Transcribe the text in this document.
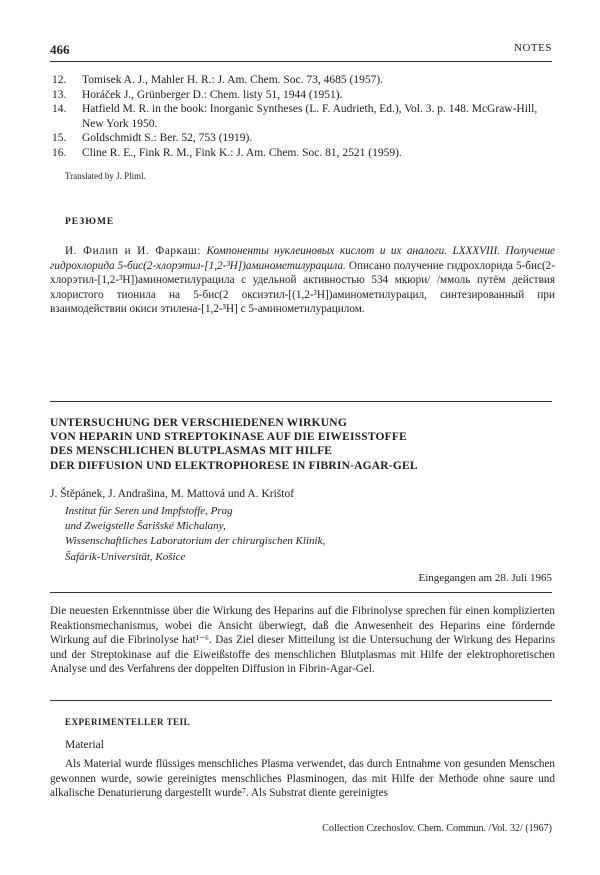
466	NOTES
12. Tomisek A. J., Mahler H. R.: J. Am. Chem. Soc. 73, 4685 (1957).
13. Horáček J., Grünberger D.: Chem. listy 51, 1944 (1951).
14. Hatfield M. R. in the book: Inorganic Syntheses (L. F. Audrieth, Ed.), Vol. 3. p. 148. McGraw-Hill, New York 1950.
15. Goldschmidt S.: Ber. 52, 753 (1919).
16. Cline R. E., Fink R. M., Fink K.: J. Am. Chem. Soc. 81, 2521 (1959).
Translated by J. Pliml.
РЕЗЮМЕ
И. Филип и И. Фаркаш: Компоненты нуклеиновых кислот и их аналоги. LXXXVIII. Получение гидрохлорида 5-бис(2-хлорэтил-[1,2-³H])аминометилурацила. Описано получение гидрохлорида 5-бис(2-хлорэтил-[1,2-³H])аминометилурацила с удельной активностью 534 мкюри/ /ммоль путём действия хлористого тионила на 5-бис(2 оксиэтил-[(1,2-³H])аминометилурацил, синтезированный при взаимодействии окиси этилена-[1,2-³H] с 5-аминометилурацилом.
UNTERSUCHUNG DER VERSCHIEDENEN WIRKUNG
VON HEPARIN UND STREPTOKINASE AUF DIE EIWEISSTOFFE
DES MENSCHLICHEN BLUTPLASMAS MIT HILFE
DER DIFFUSION UND ELEKTROPHORESE IN FIBRIN-AGAR-GEL
J. Štěpánek, J. Andrašina, M. Mattová und A. Krištof
Institut für Seren und Impfstoffe, Prag
und Zweigstelle Šarišské Michalany,
Wissenschaftliches Laboratorium der chirurgischen Klinik,
Šafárik-Universität, Košice
Eingegangen am 28. Juli 1965
Die neuesten Erkenntnisse über die Wirkung des Heparins auf die Fibrinolyse sprechen für einen komplizierten Reaktionsmechanismus, wobei die Ansicht überwiegt, daß die Anwesenheit des Heparins eine fördernde Wirkung auf die Fibrinolyse hat¹⁻⁶. Das Ziel dieser Mitteilung ist die Untersuchung der Wirkung des Heparins und der Streptokinase auf die Eiweißstoffe des menschlichen Blutplasmas mit Hilfe der elektrophoretischen Analyse und des Verfahrens der doppelten Diffusion in Fibrin-Agar-Gel.
EXPERIMENTELLER TEIL
Material
Als Material wurde flüssiges menschliches Plasma verwendet, das durch Entnahme von gesunden Menschen gewonnen wurde, sowie gereinigtes menschliches Plasminogen, das mit Hilfe der Methode ohne saure und alkalische Denaturierung dargestellt wurde⁷. Als Substrat diente gereinigtes
Collection Czechoslov. Chem. Commun. /Vol. 32/ (1967)
